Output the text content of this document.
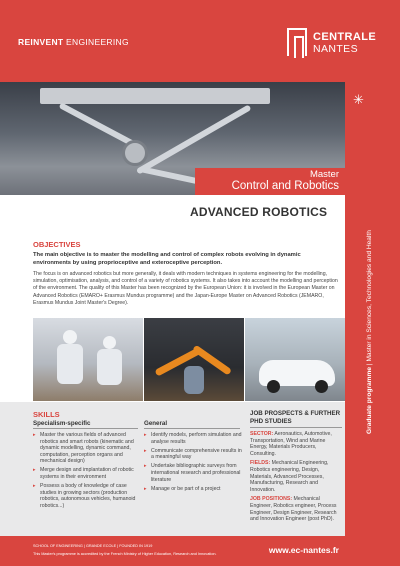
REINVENT ENGINEERING	CENTRALE
NANTES
✳
Graduate programme | Master in Sciences, Technologies and Health
Master
Control and Robotics
ADVANCED ROBOTICS
OBJECTIVES
The main objective is to master the modelling and control of complex robots evolving in dynamic environments by using proprioceptive and exteroceptive perception.
The focus is on advanced robotics but more generally, it deals with modern techniques in systems engineering for the modelling, simulation, optimisation, analysis, and control of a variety of robotics systems. It also takes into account the modelling and perception of the environment. The quality of this Master has been recognized by the European Union: it is involved in the European Master on Advanced Robotics (EMARO+ Erasmus Mundus programme) and the Japan-Europe Master on Advanced Robotics (JEMARO, Erasmus Mundus Joint Master's Degree).
SKILLS
Specialism-specific	General
▸ Master the various fields of advanced robotics and smart robots (kinematic and dynamic modelling, dynamic command, computation, perception organs and mechanical design)
▸ Merge design and implantation of robotic systems in their environment
▸ Possess a body of knowledge of case studies in growing sectors (production robotics, autonomous vehicles, humanoid robotics...)
▸ Identify models, perform simulation and analyse results
▸ Communicate comprehensive results in a meaningful way
▸ Undertake bibliographic surveys from international research and professional literature
▸ Manage or be part of a project
JOB PROSPECTS & FURTHER PHD STUDIES

SECTOR: Aeronautics, Automotive, Transportation, Wind and Marine Energy, Materials Producers, Consulting.

FIELDS: Mechanical Engineering, Robotics engineering, Design, Materials, Advanced Processes, Manufacturing, Research and Innovation.

JOB POSITIONS: Mechanical Engineer, Robotics engineer, Process Engineer, Design Engineer, Research and Innovation Engineer (post PhD).

SCHOOL OF ENGINEERING | GRANDE ECOLE | FOUNDED IN 1919
This Master's programme is accredited by the French Ministry of Higher Education, Research and Innovation.	www.ec-nantes.fr
